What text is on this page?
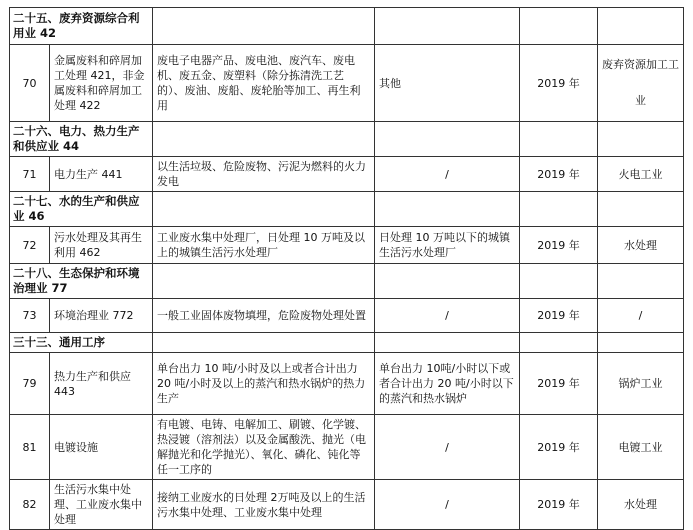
二十五、废弃资源综合利用业 42					
70	金属废料和碎屑加工处理 421，非金属废料和碎屑加工处理 422	废电子电器产品、废电池、废汽车、废电机、废五金、废塑料（除分拣清洗工艺的）、废油、废船、废轮胎等加工、再生利用	其他	2019 年	废弃资源加工工业
二十六、电力、热力生产和供应业 44					
71	电力生产 441	以生活垃圾、危险废物、污泥为燃料的火力发电	/	2019 年	火电工业
二十七、水的生产和供应业 46					
72	污水处理及其再生利用 462	工业废水集中处理厂，日处理 10 万吨及以上的城镇生活污水处理厂	日处理 10 万吨以下的城镇生活污水处理厂	2019 年	水处理
二十八、生态保护和环境治理业 77					
73	环境治理业 772	一般工业固体废物填埋，危险废物处理处置	/	2019 年	/
三十三、通用工序					
79	热力生产和供应 443	单台出力 10 吨/小时及以上或者合计出力 20 吨/小时及以上的蒸汽和热水锅炉的热力生产	单台出力 10吨/小时以下或者合计出力 20 吨/小时以下的蒸汽和热水锅炉	2019 年	锅炉工业
81	电镀设施	有电镀、电铸、电解加工、刷镀、化学镀、热浸镀（溶剂法）以及金属酸洗、抛光（电解抛光和化学抛光）、氧化、磷化、钝化等任一工序的	/	2019 年	电镀工业
82	生活污水集中处理、工业废水集中处理	接纳工业废水的日处理 2万吨及以上的生活污水集中处理、工业废水集中处理	/	2019 年	水处理
